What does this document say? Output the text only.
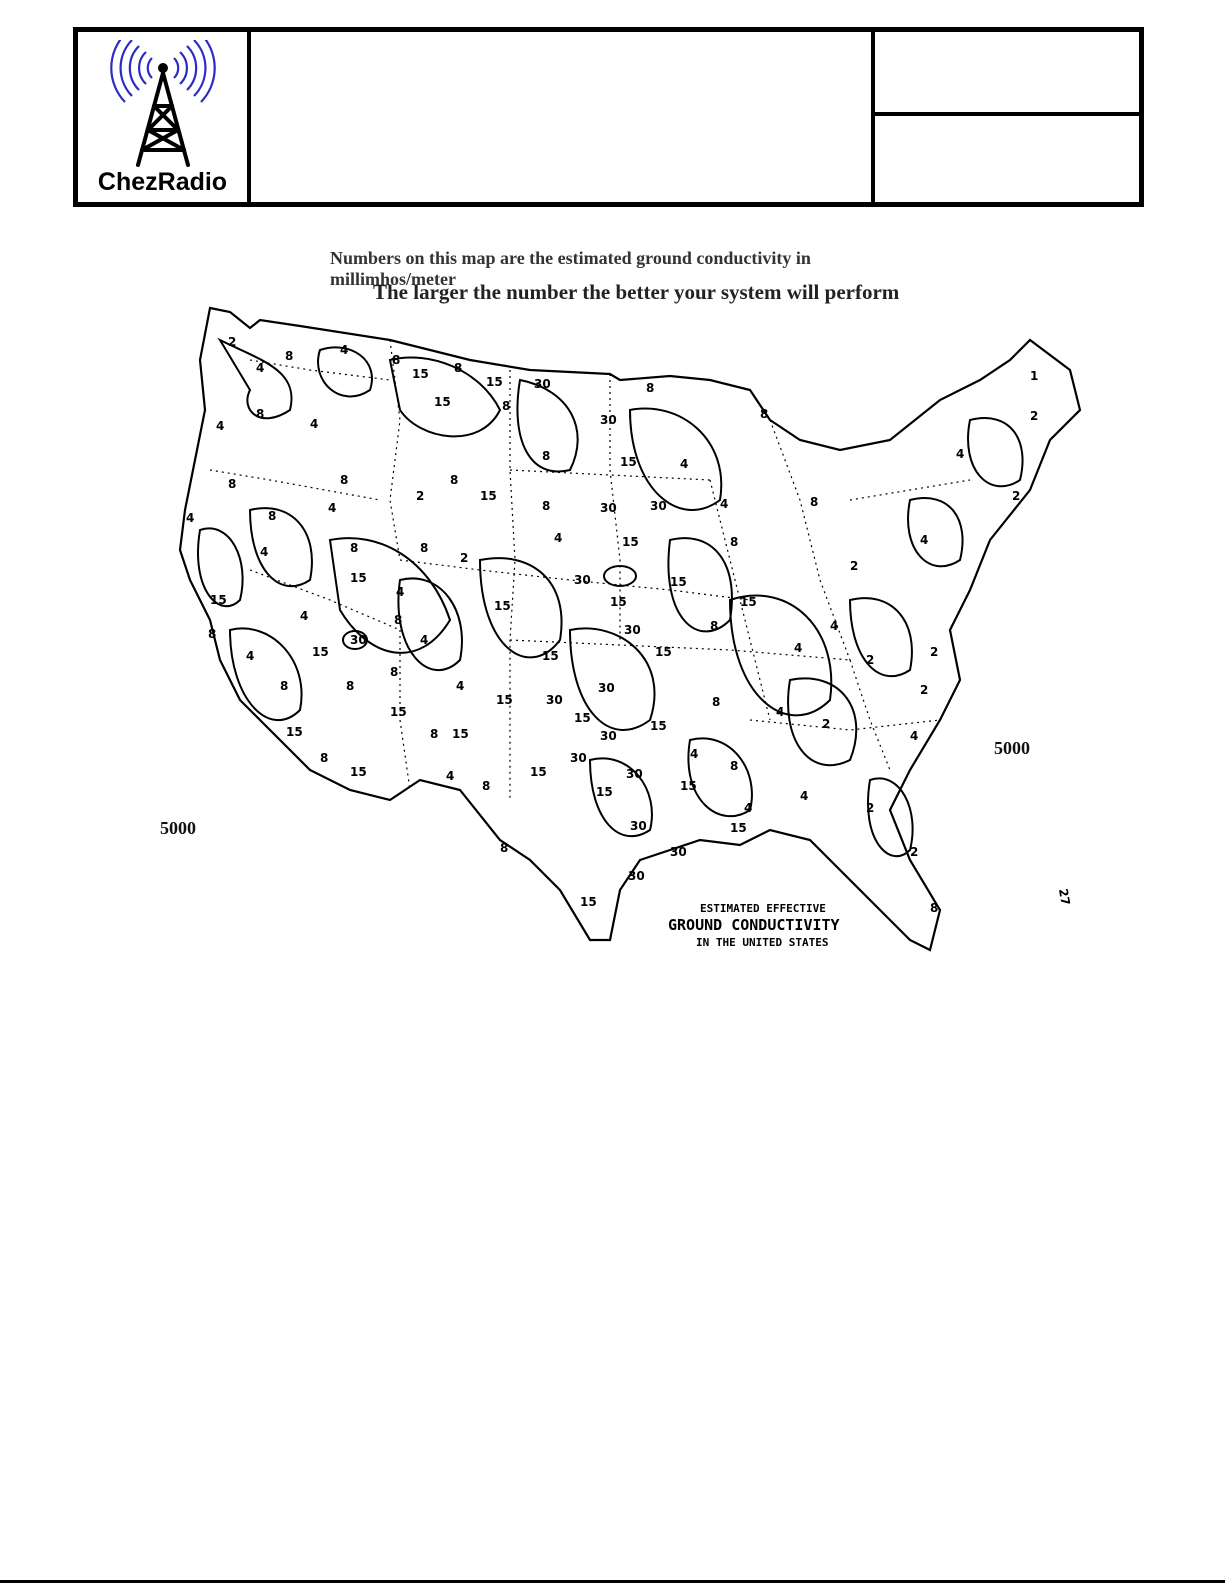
ChezRadio
Numbers on this map are the estimated ground conductivity in millimhos/meter
The larger the number the better your system will perform
2
4
8	4
8
15 8
15	30
30
8
8
4
8
4
15	8
8	15	4
8	8
2
8
15
8	30	30	4	8
4	8
4
4	15	8
4	8	8
2
30	15
15
4
15	15	15
2
15
4	8
30	8	4
8	30	4
15	15	4
4	15
8
4
2
2
8	8
15	30
30
8
2
15	15
15
4
2
15	8 15	30
4
4
8
15	4	15
30
30
8
8	15	15
4
4
2
8
30
30
15
2
30
15	8
1
2
4
2
4
5000
5000
27
ESTIMATED EFFECTIVE
GROUND CONDUCTIVITY
IN THE UNITED STATES
